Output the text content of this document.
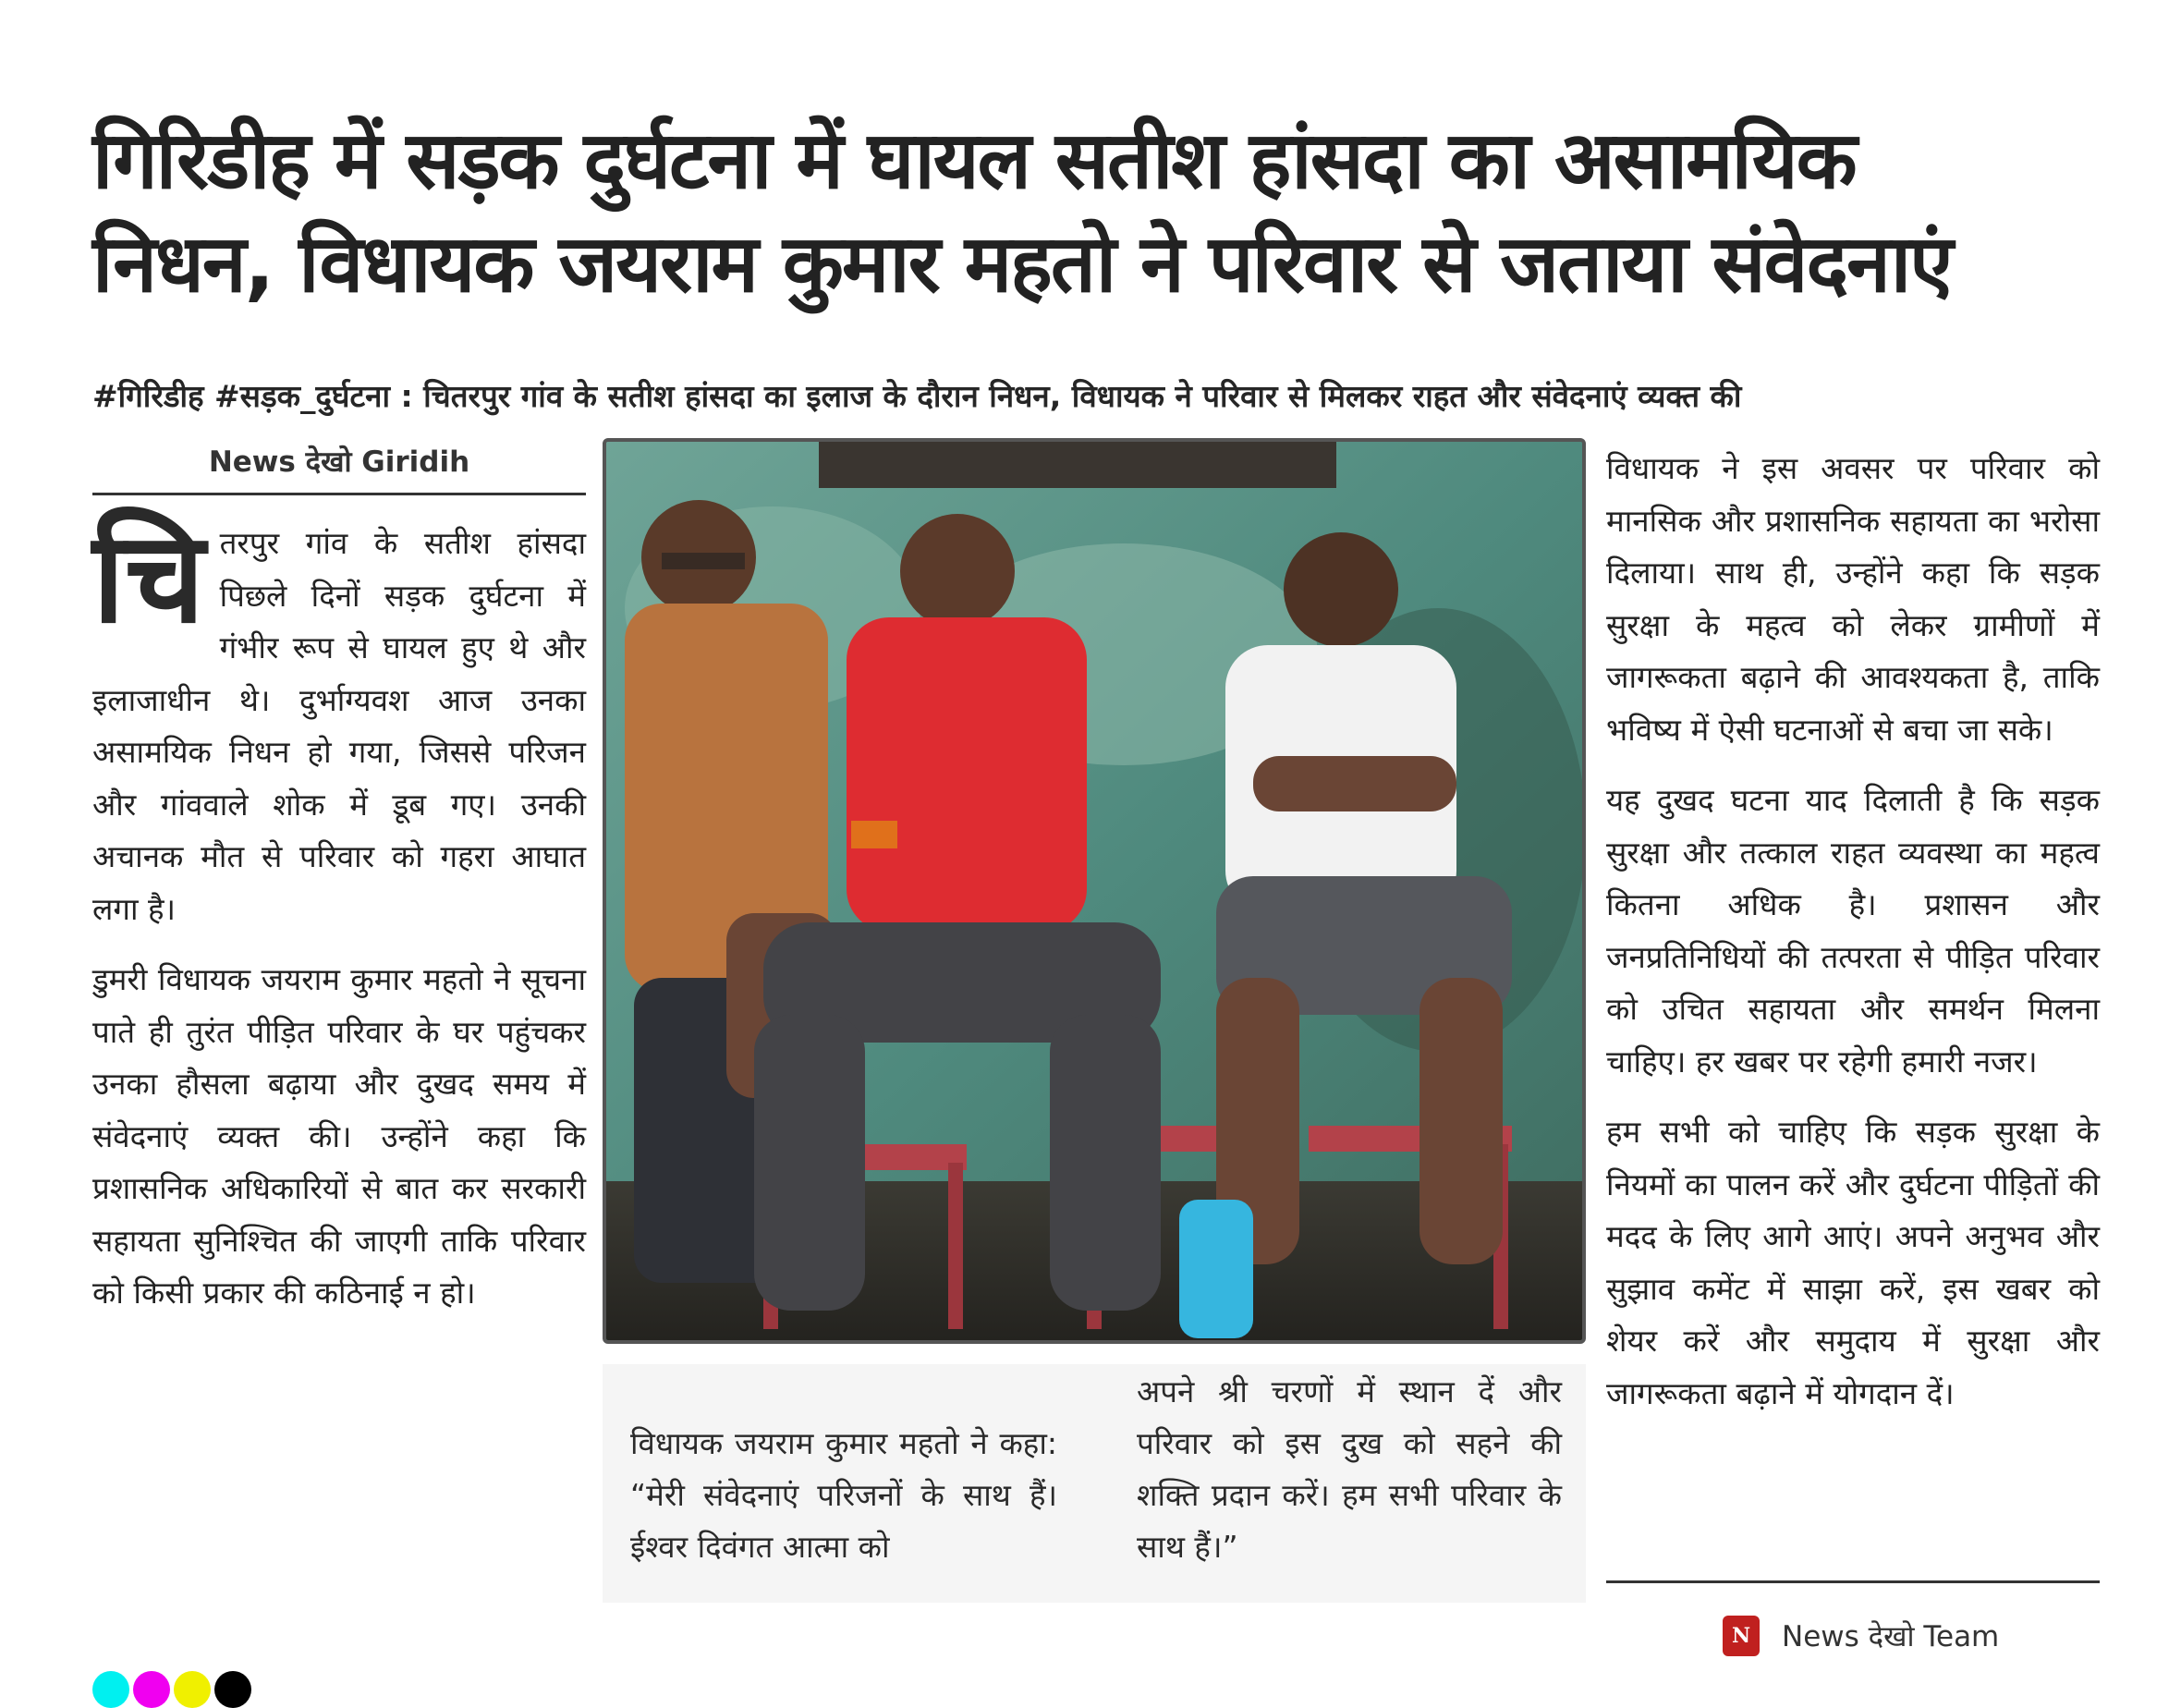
गिरिडीह में सड़क दुर्घटना में घायल सतीश हांसदा का असामयिक
निधन, विधायक जयराम कुमार महतो ने परिवार से जताया संवेदनाएं
#गिरिडीह #सड़क_दुर्घटना : चितरपुर गांव के सतीश हांसदा का इलाज के दौरान निधन, विधायक ने परिवार से मिलकर राहत और संवेदनाएं व्यक्त की
News देखो Giridih

चितरपुर गांव के सतीश हांसदा पिछले दिनों सड़क दुर्घटना में गंभीर रूप से घायल हुए थे और इलाजाधीन थे। दुर्भाग्यवश आज उनका असामयिक निधन हो गया, जिससे परिजन और गांववाले शोक में डूब गए। उनकी अचानक मौत से परिवार को गहरा आघात लगा है।

डुमरी विधायक जयराम कुमार महतो ने सूचना पाते ही तुरंत पीड़ित परिवार के घर पहुंचकर उनका हौसला बढ़ाया और दुखद समय में संवेदनाएं व्यक्त की। उन्होंने कहा कि प्रशासनिक अधिकारियों से बात कर सरकारी सहायता सुनिश्चित की जाएगी ताकि परिवार को किसी प्रकार की कठिनाई न हो।

विधायक जयराम कुमार महतो ने कहा: “मेरी संवेदनाएं परिजनों के साथ हैं। ईश्वर दिवंगत आत्मा को
अपने श्री चरणों में स्थान दें और परिवार को इस दुख को सहने की शक्ति प्रदान करें। हम सभी परिवार के साथ हैं।”

विधायक ने इस अवसर पर परिवार को मानसिक और प्रशासनिक सहायता का भरोसा दिलाया। साथ ही, उन्होंने कहा कि सड़क सुरक्षा के महत्व को लेकर ग्रामीणों में जागरूकता बढ़ाने की आवश्यकता है, ताकि भविष्य में ऐसी घटनाओं से बचा जा सके।

यह दुखद घटना याद दिलाती है कि सड़क सुरक्षा और तत्काल राहत व्यवस्था का महत्व कितना अधिक है। प्रशासन और जनप्रतिनिधियों की तत्परता से पीड़ित परिवार को उचित सहायता और समर्थन मिलना चाहिए। हर खबर पर रहेगी हमारी नजर।

हम सभी को चाहिए कि सड़क सुरक्षा के नियमों का पालन करें और दुर्घटना पीड़ितों की मदद के लिए आगे आएं। अपने अनुभव और सुझाव कमेंट में साझा करें, इस खबर को शेयर करें और समुदाय में सुरक्षा और जागरूकता बढ़ाने में योगदान दें।

N	News देखो Team
